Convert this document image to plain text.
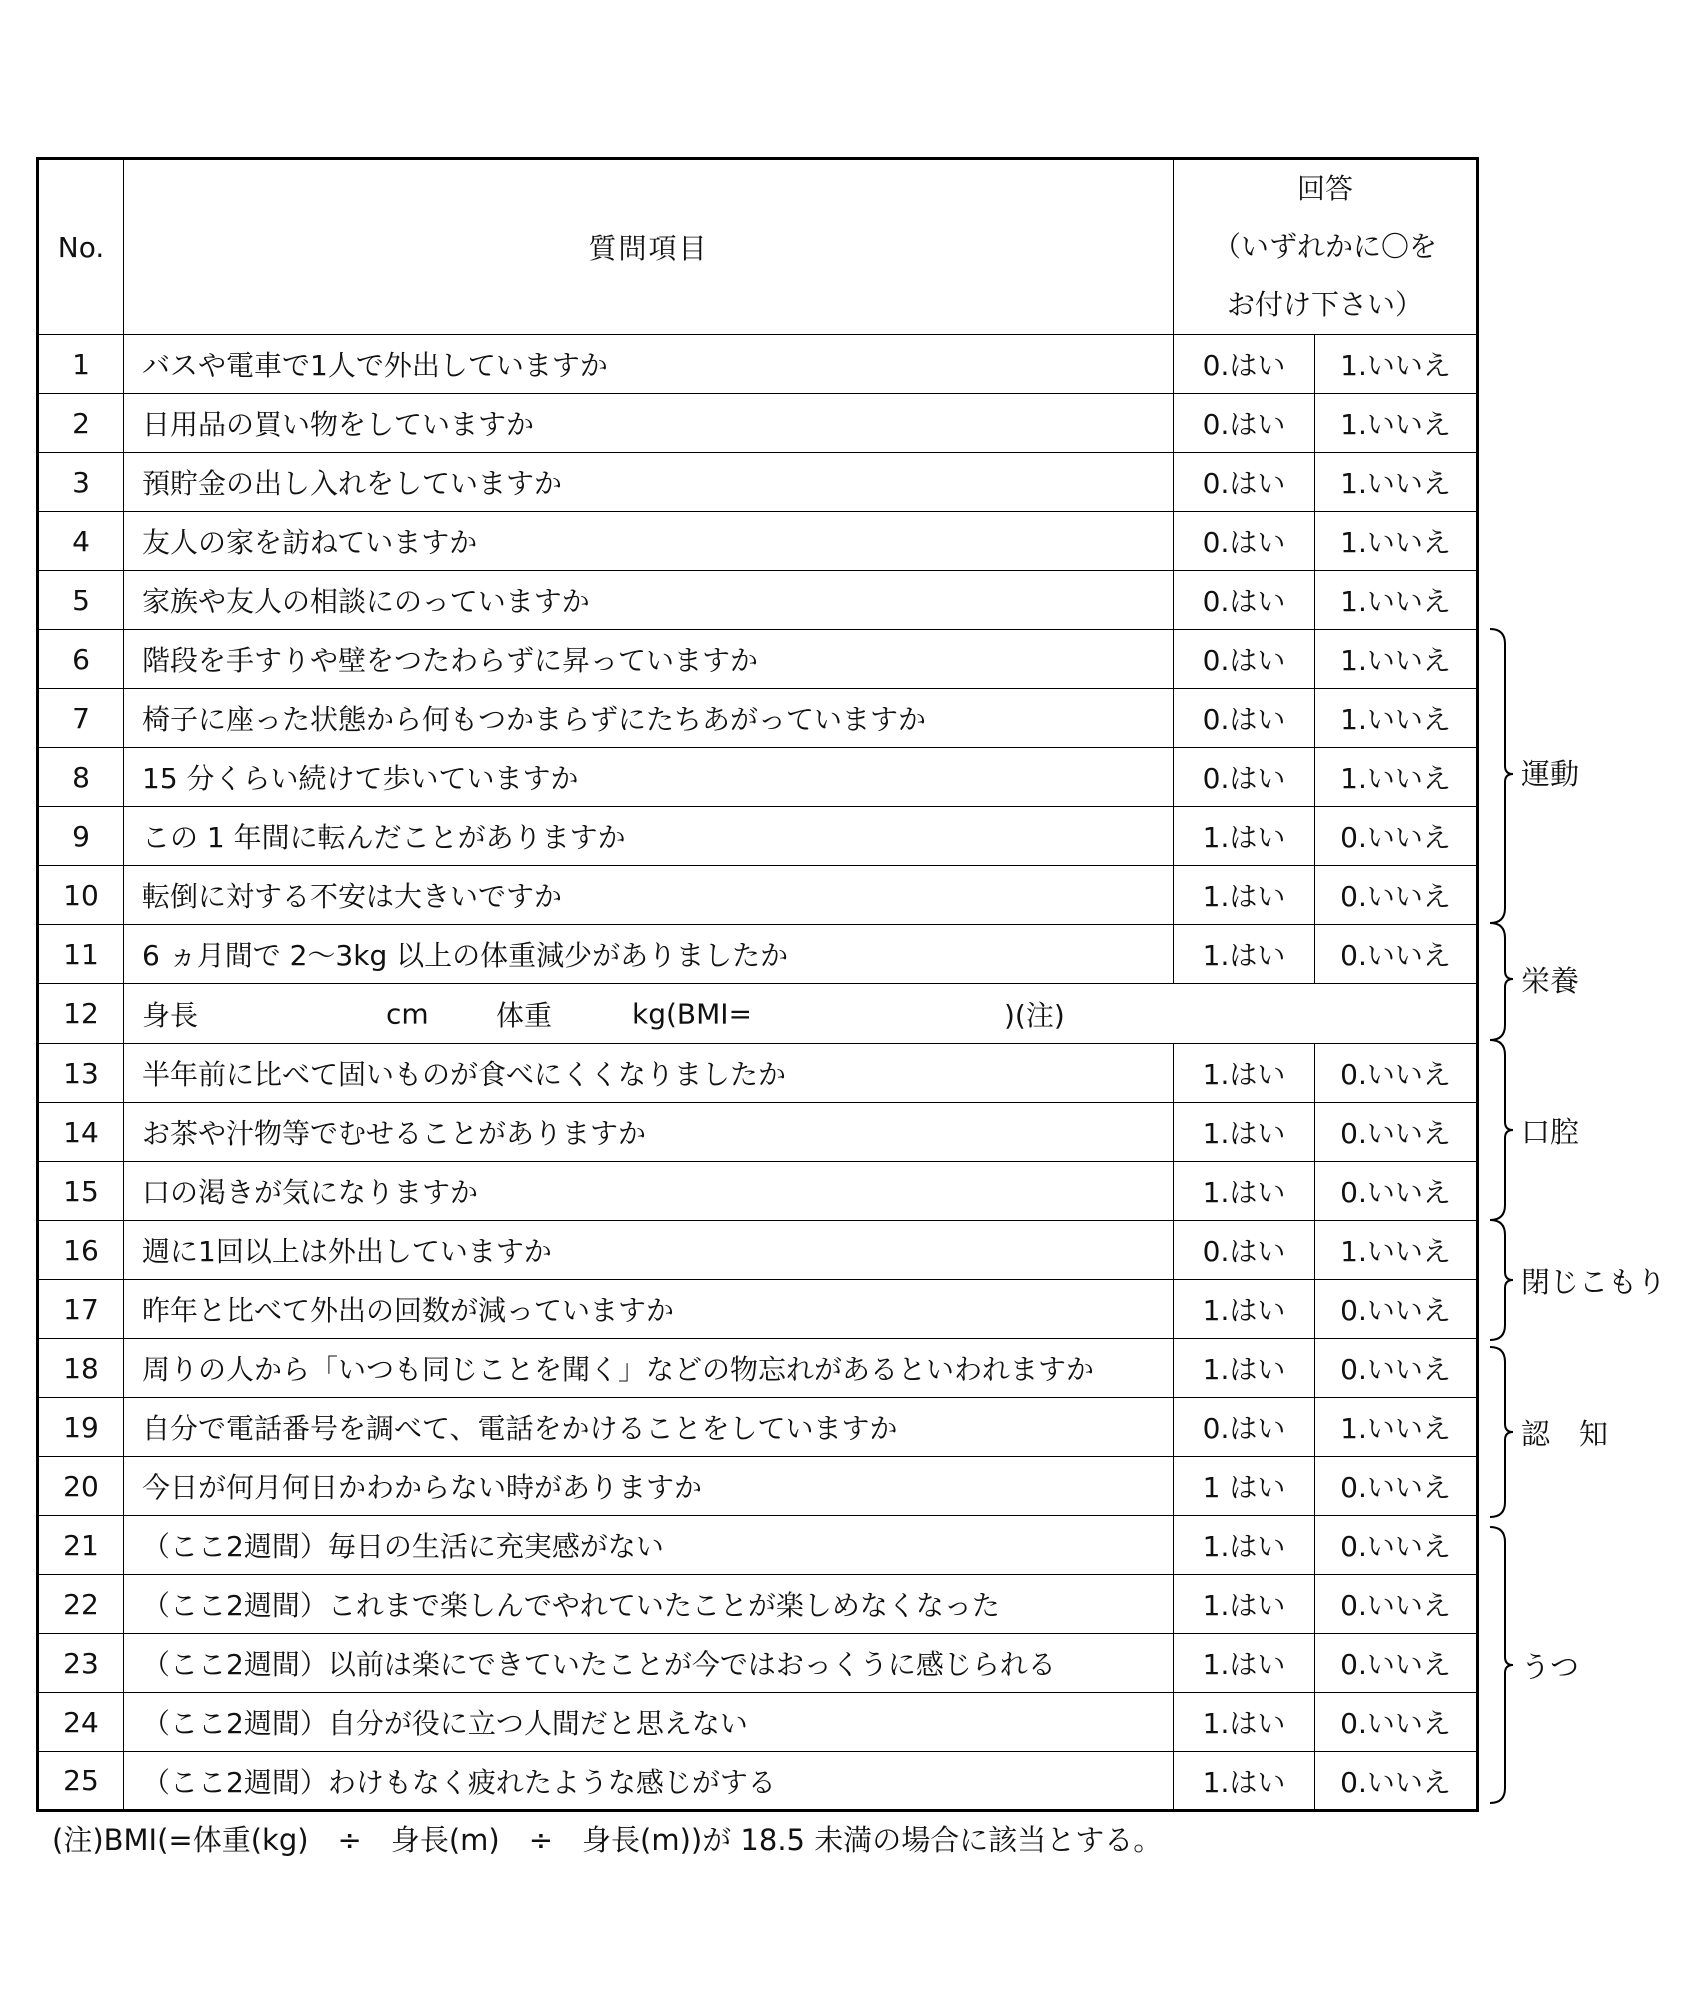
No.	質問項目	回答
（いずれかに〇を
お付け下さい）	

1	バスや電車で1人で外出していますか	0.はい	1.いいえ
2	日用品の買い物をしていますか	0.はい	1.いいえ
3	預貯金の出し入れをしていますか	0.はい	1.いいえ
4	友人の家を訪ねていますか	0.はい	1.いいえ
5	家族や友人の相談にのっていますか	0.はい	1.いいえ
6	階段を手すりや壁をつたわらずに昇っていますか	0.はい	1.いいえ
7	椅子に座った状態から何もつかまらずにたちあがっていますか	0.はい	1.いいえ
8	15 分くらい続けて歩いていますか	0.はい	1.いいえ
9	この 1 年間に転んだことがありますか	1.はい	0.いいえ
10	転倒に対する不安は大きいですか	1.はい	0.いいえ
11	6 ヵ月間で 2～3kg 以上の体重減少がありましたか	1.はい	0.いいえ
12	身長 cm 体重 kg(BMI= )(注)		

13	半年前に比べて固いものが食べにくくなりましたか	1.はい	0.いいえ
14	お茶や汁物等でむせることがありますか	1.はい	0.いいえ
15	口の渇きが気になりますか	1.はい	0.いいえ
16	週に1回以上は外出していますか	0.はい	1.いいえ
17	昨年と比べて外出の回数が減っていますか	1.はい	0.いいえ
18	周りの人から「いつも同じことを聞く」などの物忘れがあるといわれますか	1.はい	0.いいえ
19	自分で電話番号を調べて、電話をかけることをしていますか	0.はい	1.いいえ
20	今日が何月何日かわからない時がありますか	1 はい	0.いいえ
21	（ここ2週間）毎日の生活に充実感がない	1.はい	0.いいえ
22	（ここ2週間）これまで楽しんでやれていたことが楽しめなくなった	1.はい	0.いいえ
23	（ここ2週間）以前は楽にできていたことが今ではおっくうに感じられる	1.はい	0.いいえ
24	（ここ2週間）自分が役に立つ人間だと思えない	1.はい	0.いいえ
25	（ここ2週間）わけもなく疲れたような感じがする	1.はい	0.いいえ
運動
栄養
口腔
閉じこもり
認　知
うつ
(注)BMI(=体重(kg)　÷　身長(m)　÷　身長(m))が 18.5 未満の場合に該当とする。
